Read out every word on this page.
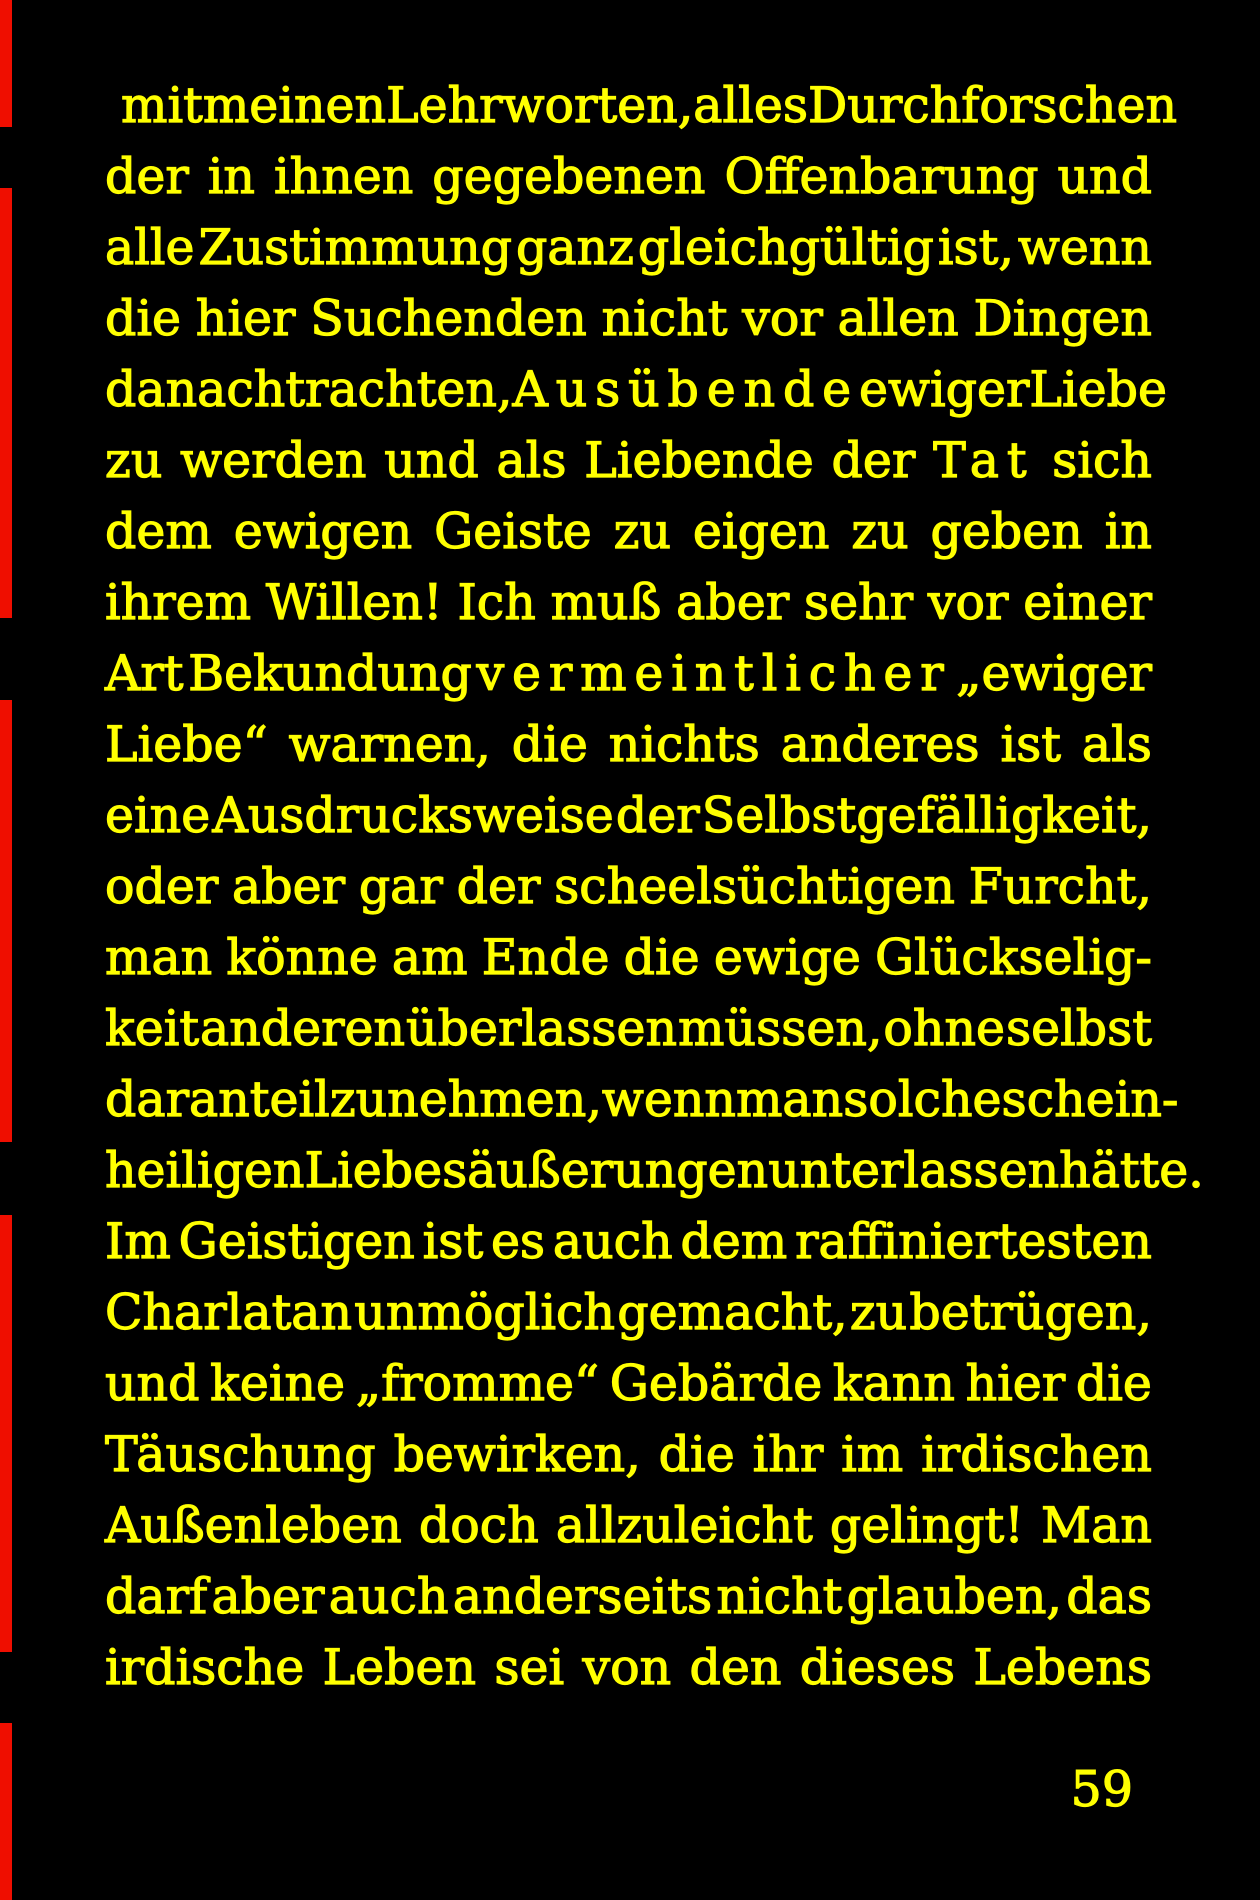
mit meinen Lehrworten, alles Durchforschen
der in ihnen gegebenen Offenbarung und
alle Zustimmung ganz gleichgültig ist, wenn
die hier Suchenden nicht vor allen Dingen
danach trachten, Ausübende ewiger Liebe
zu werden und als Liebende der Tat sich
dem ewigen Geiste zu eigen zu geben in
ihrem Willen! Ich muß aber sehr vor einer
Art Bekundung vermeintlicher „ewiger
Liebe“ warnen, die nichts anderes ist als
eine Ausdrucksweise der Selbstgefälligkeit,
oder aber gar der scheelsüchtigen Furcht,
man könne am Ende die ewige Glückselig-
keit anderen überlassen müssen, ohne selbst
daran teilzunehmen, wenn man solche schein-
heiligen Liebesäußerungen unterlassen hätte.
Im Geistigen ist es auch dem raffiniertesten
Charlatan unmöglich gemacht, zu betrügen,
und keine „fromme“ Gebärde kann hier die
Täuschung bewirken, die ihr im irdischen
Außenleben doch allzuleicht gelingt! Man
darf aber auch anderseits nicht glauben, das
irdische Leben sei von den dieses Lebens
59
